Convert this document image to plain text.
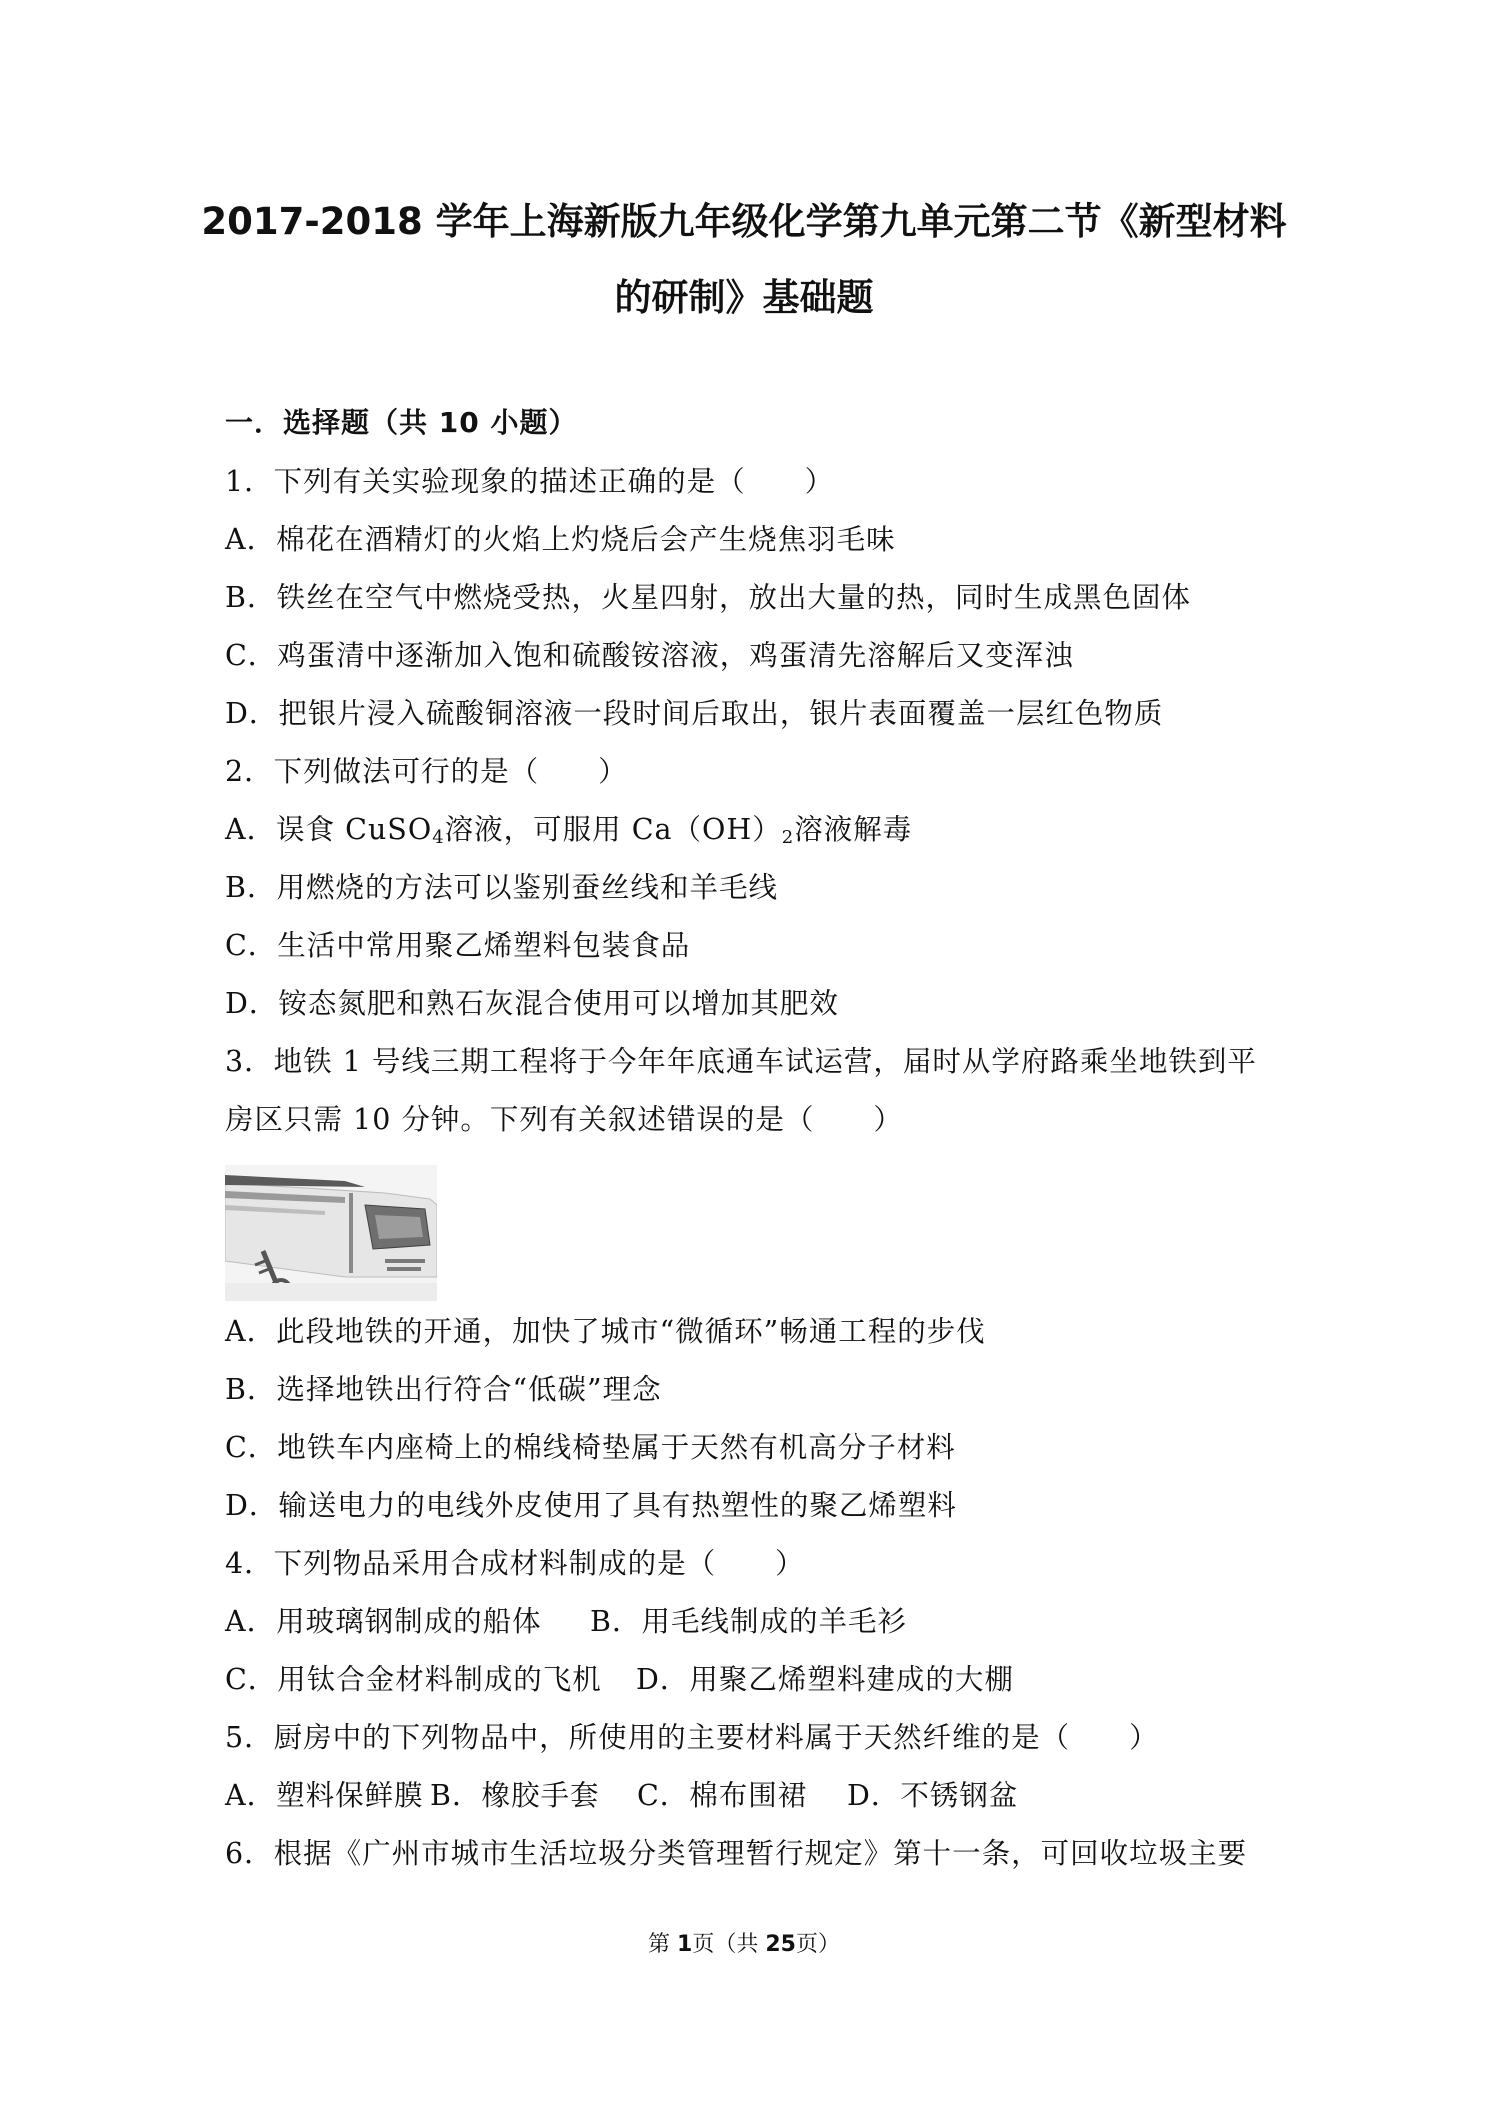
2017-2018 学年上海新版九年级化学第九单元第二节《新型材料
的研制》基础题
一．选择题（共 10 小题）
1．下列有关实验现象的描述正确的是（　　）
A．棉花在酒精灯的火焰上灼烧后会产生烧焦羽毛味
B．铁丝在空气中燃烧受热，火星四射，放出大量的热，同时生成黑色固体
C．鸡蛋清中逐渐加入饱和硫酸铵溶液，鸡蛋清先溶解后又变浑浊
D．把银片浸入硫酸铜溶液一段时间后取出，银片表面覆盖一层红色物质
2．下列做法可行的是（　　）
A．误食 CuSO$_4$溶液，可服用 $Ca(OH)_2$溶液解毒
B．用燃烧的方法可以鉴别蚕丝线和羊毛线
C．生活中常用聚乙烯塑料包装食品
D．铵态氮肥和熟石灰混合使用可以增加其肥效
3．地铁 1 号线三期工程将于今年年底通车试运营，届时从学府路乘坐地铁到平
房区只需 10 分钟。下列有关叙述错误的是（　　）
A．此段地铁的开通，加快了城市“微循环”畅通工程的步伐
B．选择地铁出行符合“低碳”理念
C．地铁车内座椅上的棉线椅垫属于天然有机高分子材料
D．输送电力的电线外皮使用了具有热塑性的聚乙烯塑料
4．下列物品采用合成材料制成的是（　　）
A．用玻璃钢制成的船体 B．用毛线制成的羊毛衫
C．用钛合金材料制成的飞机 D．用聚乙烯塑料建成的大棚
5．厨房中的下列物品中，所使用的主要材料属于天然纤维的是（　　）
A．塑料保鲜膜 B．橡胶手套 C．棉布围裙 D．不锈钢盆
6．根据《广州市城市生活垃圾分类管理暂行规定》第十一条，可回收垃圾主要
第 1页（共 25页）
